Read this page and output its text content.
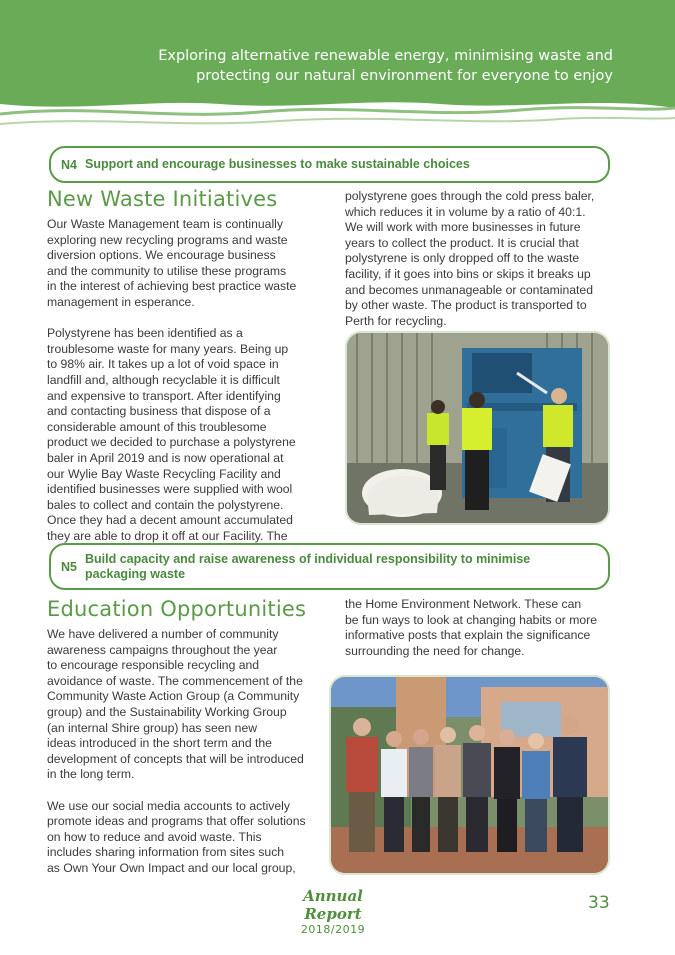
Exploring alternative renewable energy, minimising waste and
protecting our natural environment for everyone to enjoy
N4 Support and encourage businesses to make sustainable choices
New Waste Initiatives

Our Waste Management team is continually
exploring new recycling programs and waste
diversion options. We encourage business
and the community to utilise these programs
in the interest of achieving best practice waste
management in esperance.

Polystyrene has been identified as a
troublesome waste for many years. Being up
to 98% air. It takes up a lot of void space in
landfill and, although recyclable it is difficult
and expensive to transport. After identifying
and contacting business that dispose of a
considerable amount of this troublesome
product we decided to purchase a polystyrene
baler in April 2019 and is now operational at
our Wylie Bay Waste Recycling Facility and
identified businesses were supplied with wool
bales to collect and contain the polystyrene.
Once they had a decent amount accumulated
they are able to drop it off at our Facility. The

polystyrene goes through the cold press baler,
which reduces it in volume by a ratio of 40:1.
We will work with more businesses in future
years to collect the product. It is crucial that
polystyrene is only dropped off to the waste
facility, if it goes into bins or skips it breaks up
and becomes unmanageable or contaminated
by other waste. The product is transported to
Perth for recycling.

N5
Build capacity and raise awareness of individual responsibility to minimise packaging waste
Education Opportunities

We have delivered a number of community
awareness campaigns throughout the year
to encourage responsible recycling and
avoidance of waste. The commencement of the
Community Waste Action Group (a Community
group) and the Sustainability Working Group
(an internal Shire group) has seen new
ideas introduced in the short term and the
development of concepts that will be introduced
in the long term.

We use our social media accounts to actively
promote ideas and programs that offer solutions
on how to reduce and avoid waste. This
includes sharing information from sites such
as Own Your Own Impact and our local group,

the Home Environment Network. These can
be fun ways to look at changing habits or more
informative posts that explain the significance
surrounding the need for change.

Annual Report
2018/2019
33
